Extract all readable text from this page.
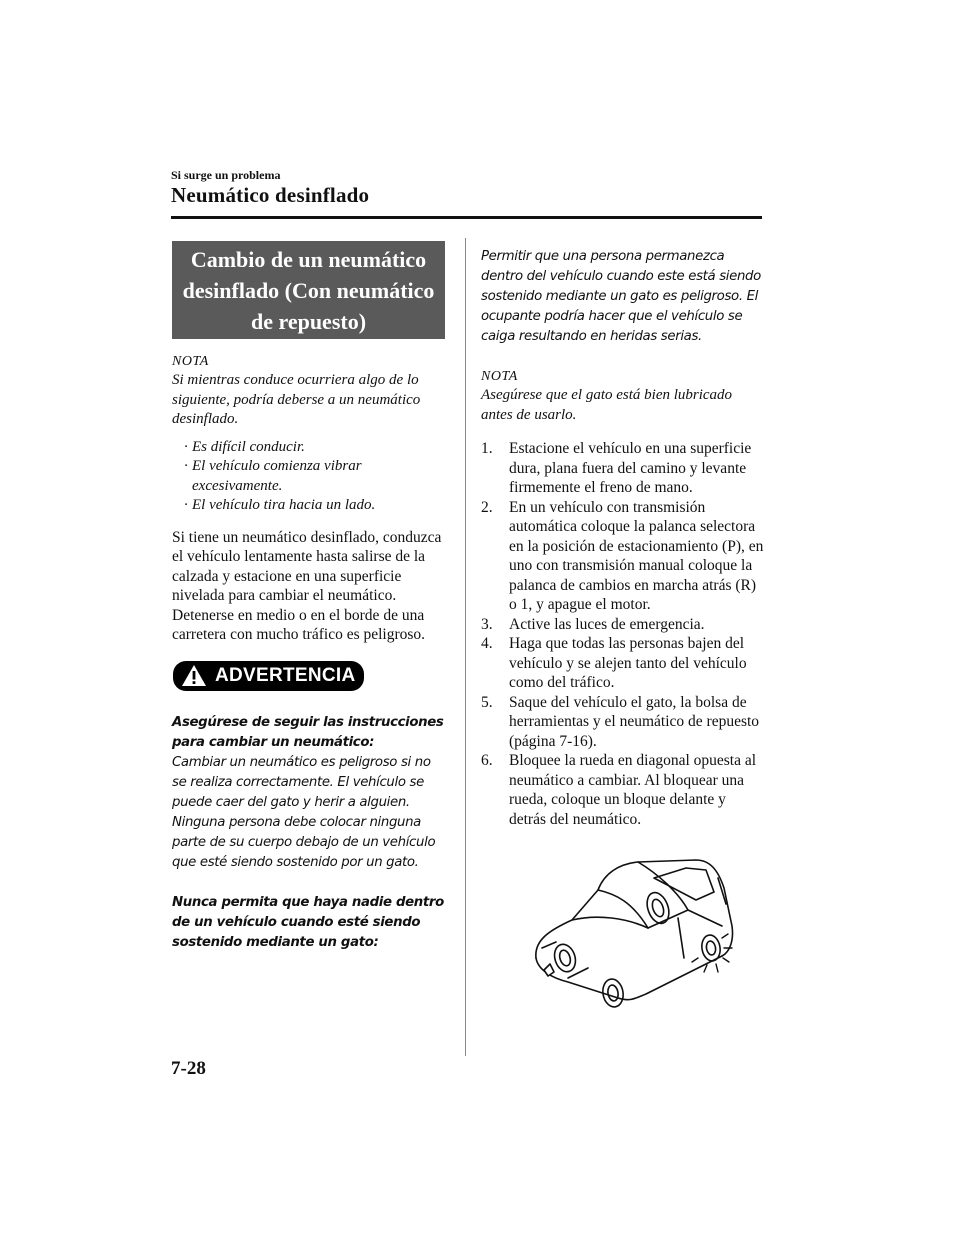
Si surge un problema
Neumático desinflado
Cambio de un neumático
desinflado (Con neumático
de repuesto)
NOTA
Si mientras conduce ocurriera algo de lo siguiente, podría deberse a un neumático desinflado.
· Es difícil conducir.
· El vehículo comienza vibrar excesivamente.
· El vehículo tira hacia un lado.
Si tiene un neumático desinflado, conduzca el vehículo lentamente hasta salirse de la calzada y estacione en una superficie nivelada para cambiar el neumático.
Detenerse en medio o en el borde de una carretera con mucho tráfico es peligroso.
ADVERTENCIA
Asegúrese de seguir las instrucciones para cambiar un neumático:
Cambiar un neumático es peligroso si no se realiza correctamente. El vehículo se puede caer del gato y herir a alguien.
Ninguna persona debe colocar ninguna parte de su cuerpo debajo de un vehículo que esté siendo sostenido por un gato.
Nunca permita que haya nadie dentro de un vehículo cuando esté siendo sostenido mediante un gato:
Permitir que una persona permanezca dentro del vehículo cuando este está siendo sostenido mediante un gato es peligroso. El ocupante podría hacer que el vehículo se caiga resultando en heridas serias.
NOTA
Asegúrese que el gato está bien lubricado antes de usarlo.
1. Estacione el vehículo en una superficie dura, plana fuera del camino y levante firmemente el freno de mano.
2. En un vehículo con transmisión automática coloque la palanca selectora en la posición de estacionamiento (P), en uno con transmisión manual coloque la palanca de cambios en marcha atrás (R) o 1, y apague el motor.
3. Active las luces de emergencia.
4. Haga que todas las personas bajen del vehículo y se alejen tanto del vehículo como del tráfico.
5. Saque del vehículo el gato, la bolsa de herramientas y el neumático de repuesto (página 7-16).
6. Bloquee la rueda en diagonal opuesta al neumático a cambiar. Al bloquear una rueda, coloque un bloque delante y detrás del neumático.
7-28
